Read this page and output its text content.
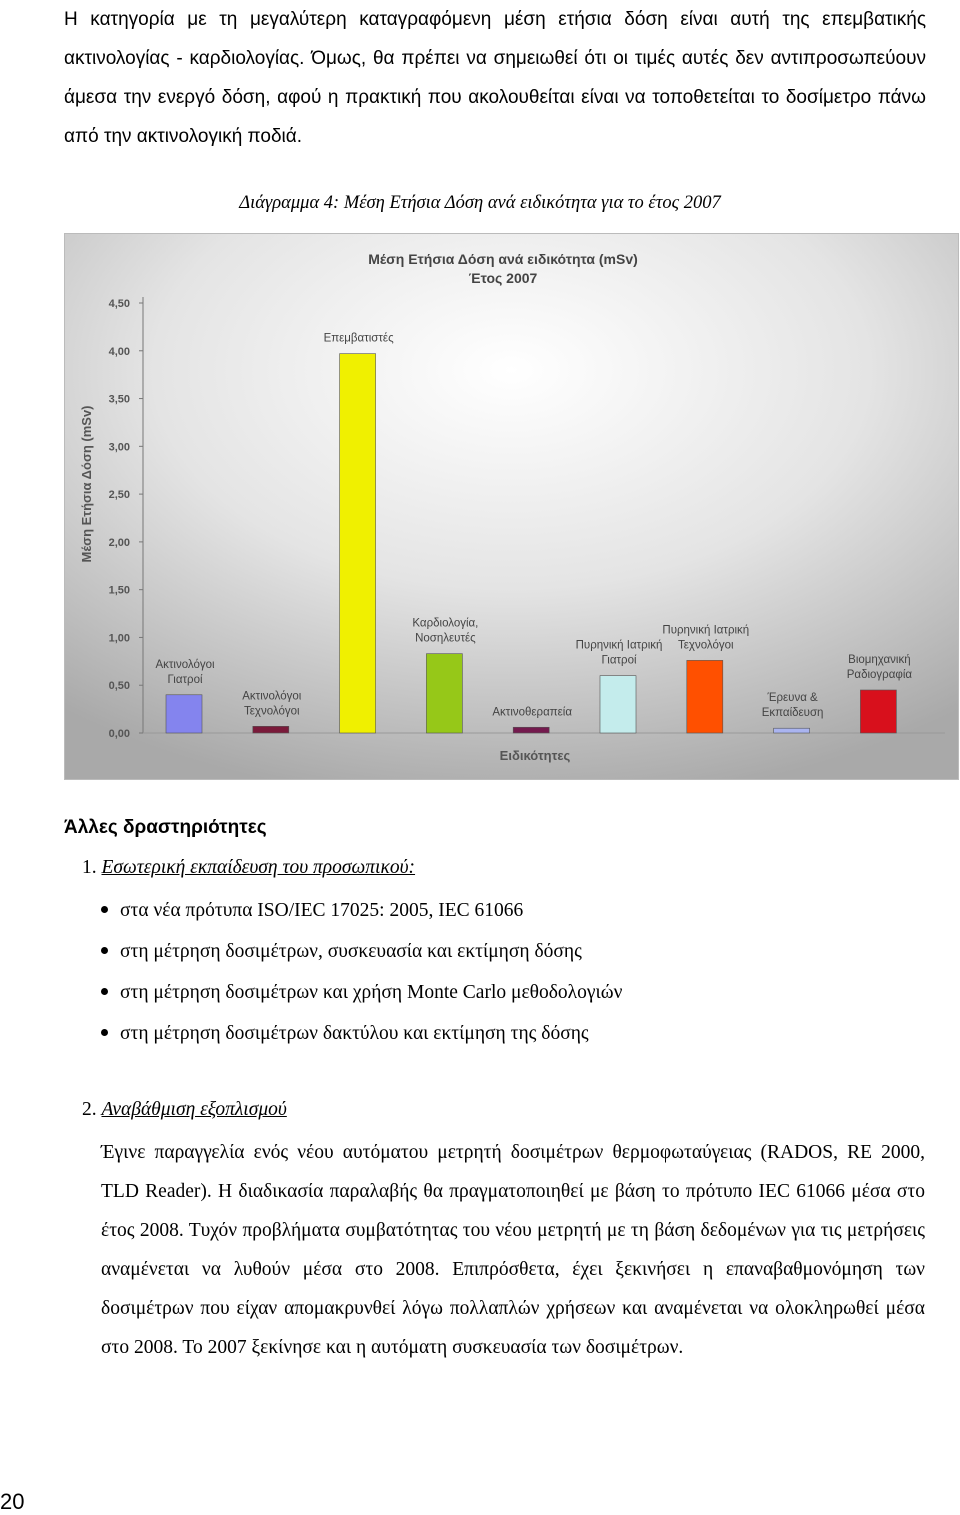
Η κατηγορία με τη μεγαλύτερη καταγραφόμενη μέση ετήσια δόση είναι αυτή της επεμβατικής ακτινολογίας - καρδιολογίας. Όμως, θα πρέπει να σημειωθεί ότι οι τιμές αυτές δεν αντιπροσωπεύουν άμεσα την ενεργό δόση, αφού η πρακτική που ακολουθείται είναι να τοποθετείται το δοσίμετρο πάνω από την ακτινολογική ποδιά.

Διάγραμμα 4: Μέση Ετήσια Δόση ανά ειδικότητα για το έτος 2007
Μέση Ετήσια Δόση ανά ειδικότητα (mSv)
Έτος 2007
0,00
0,50
1,00
1,50
2,00
2,50
3,00
3,50
4,00
4,50
Μέση Ετήσια Δόση (mSv)
Ειδικότητες
Ακτινολόγοι
Γιατροί
Ακτινολόγοι
Τεχνολόγοι
Επεμβατιστές
Καρδιολογία,
Νοσηλευτές
Ακτινοθεραπεία
Πυρηνική Ιατρική
Γιατροί
Πυρηνική Ιατρική
Τεχνολόγοι
Έρευνα &
Εκπαίδευση
Βιομηχανική
Ραδιογραφία
Άλλες δραστηριότητες
1. Εσωτερική εκπαίδευση του προσωπικού:
στα νέα πρότυπα ISO/IEC 17025: 2005, IEC 61066
στη μέτρηση δοσιμέτρων, συσκευασία και εκτίμηση δόσης
στη μέτρηση δοσιμέτρων και χρήση Monte Carlo μεθοδολογιών
στη μέτρηση δοσιμέτρων δακτύλου και εκτίμηση της δόσης
2. Αναβάθμιση εξοπλισμού

Έγινε παραγγελία ενός νέου αυτόματου μετρητή δοσιμέτρων θερμοφωταύγειας (RADOS, RE 2000, TLD Reader). Η διαδικασία παραλαβής θα πραγματοποιηθεί με βάση το πρότυπο IEC 61066 μέσα στο έτος 2008. Τυχόν προβλήματα συμβατότητας του νέου μετρητή με τη βάση δεδομένων για τις μετρήσεις αναμένεται να λυθούν μέσα στο 2008. Επιπρόσθετα, έχει ξεκινήσει η επαναβαθμονόμηση των δοσιμέτρων που είχαν απομακρυνθεί λόγω πολλαπλών χρήσεων και αναμένεται να ολοκληρωθεί μέσα στο 2008. Το 2007 ξεκίνησε και η αυτόματη συσκευασία των δοσιμέτρων.

20
